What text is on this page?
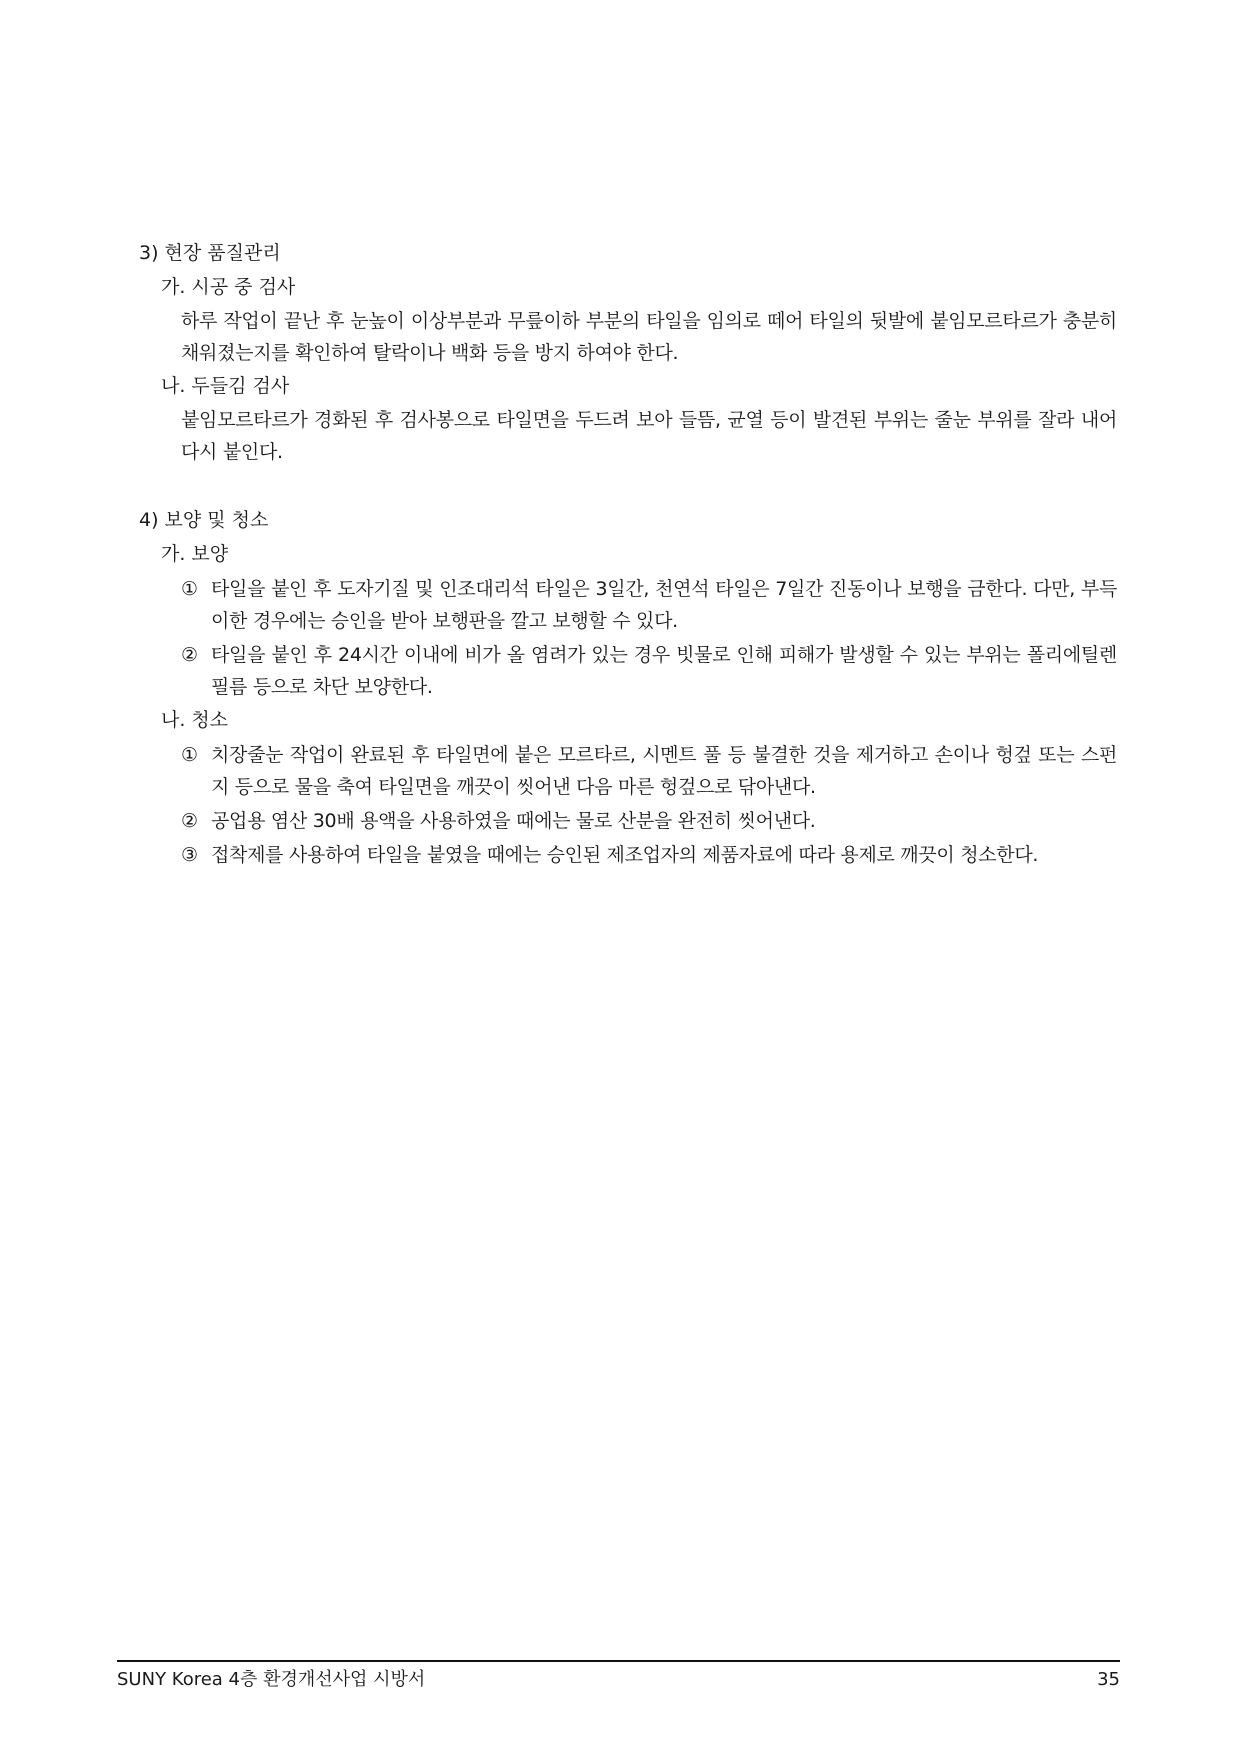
3) 현장 품질관리
가. 시공 중 검사
하루 작업이 끝난 후 눈높이 이상부분과 무릎이하 부분의 타일을 임의로 떼어 타일의 뒷발에 붙임모르타르가 충분히 채워졌는지를 확인하여 탈락이나 백화 등을 방지 하여야 한다.
나. 두들김 검사
붙임모르타르가 경화된 후 검사봉으로 타일면을 두드려 보아 들뜸, 균열 등이 발견된 부위는 줄눈 부위를 잘라 내어 다시 붙인다.
4) 보양 및 청소
가. 보양
① 타일을 붙인 후 도자기질 및 인조대리석 타일은 3일간, 천연석 타일은 7일간 진동이나 보행을 금한다. 다만, 부득이한 경우에는 승인을 받아 보행판을 깔고 보행할 수 있다.
② 타일을 붙인 후 24시간 이내에 비가 올 염려가 있는 경우 빗물로 인해 피해가 발생할 수 있는 부위는 폴리에틸렌 필름 등으로 차단 보양한다.
나. 청소
① 치장줄눈 작업이 완료된 후 타일면에 붙은 모르타르, 시멘트 풀 등 불결한 것을 제거하고 손이나 헝겊 또는 스펀지 등으로 물을 축여 타일면을 깨끗이 씻어낸 다음 마른 헝겊으로 닦아낸다.
② 공업용 염산 30배 용액을 사용하였을 때에는 물로 산분을 완전히 씻어낸다.
③ 접착제를 사용하여 타일을 붙였을 때에는 승인된 제조업자의 제품자료에 따라 용제로 깨끗이 청소한다.
SUNY Korea 4층 환경개선사업 시방서	35
